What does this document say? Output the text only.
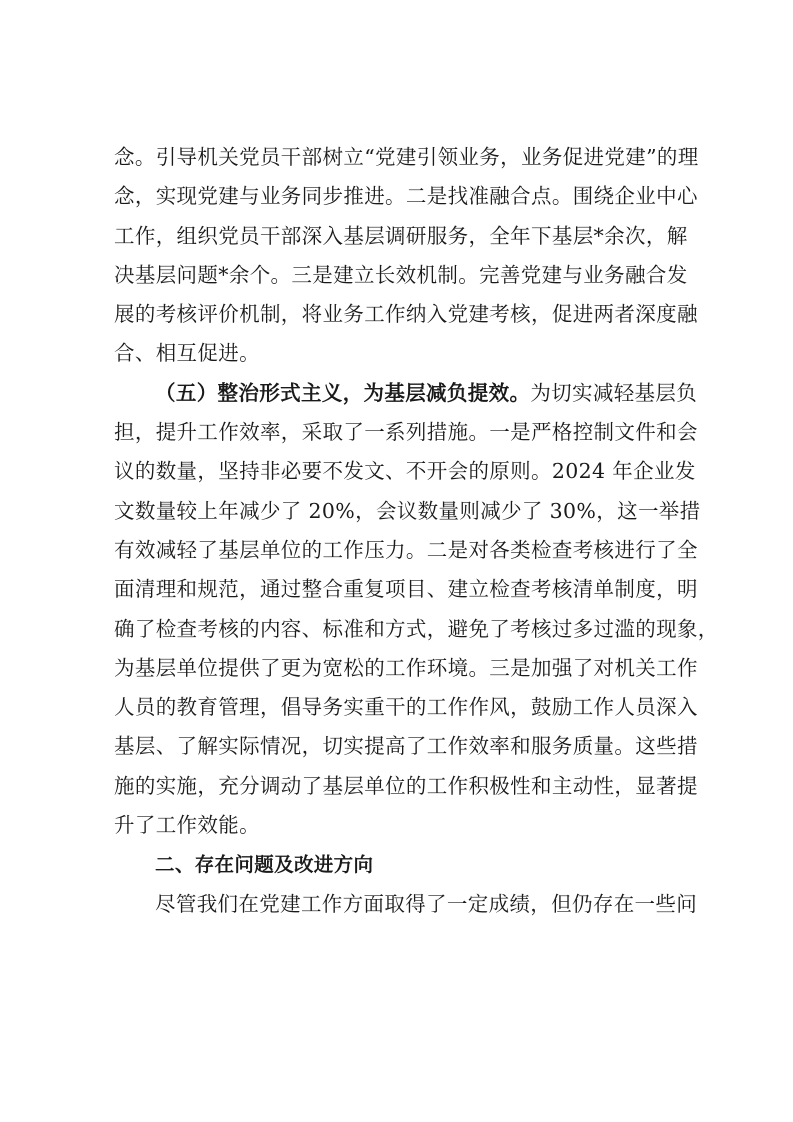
念。引导机关党员干部树立“党建引领业务，业务促进党建”的理
念，实现党建与业务同步推进。二是找准融合点。围绕企业中心
工作，组织党员干部深入基层调研服务，全年下基层*余次，解
决基层问题*余个。三是建立长效机制。完善党建与业务融合发
展的考核评价机制，将业务工作纳入党建考核，促进两者深度融
合、相互促进。
（五）整治形式主义，为基层减负提效。为切实减轻基层负
担，提升工作效率，采取了一系列措施。一是严格控制文件和会
议的数量，坚持非必要不发文、不开会的原则。2024 年企业发
文数量较上年减少了 20%，会议数量则减少了 30%，这一举措
有效减轻了基层单位的工作压力。二是对各类检查考核进行了全
面清理和规范，通过整合重复项目、建立检查考核清单制度，明
确了检查考核的内容、标准和方式，避免了考核过多过滥的现象，
为基层单位提供了更为宽松的工作环境。三是加强了对机关工作
人员的教育管理，倡导务实重干的工作作风，鼓励工作人员深入
基层、了解实际情况，切实提高了工作效率和服务质量。这些措
施的实施，充分调动了基层单位的工作积极性和主动性，显著提
升了工作效能。
二、存在问题及改进方向
尽管我们在党建工作方面取得了一定成绩，但仍存在一些问
